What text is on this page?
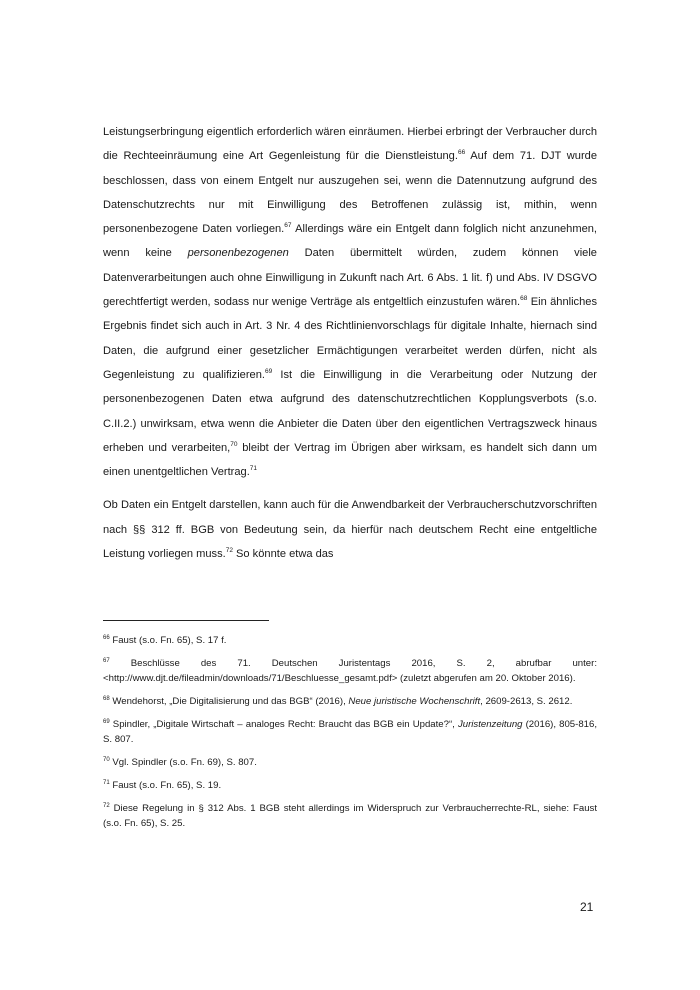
Leistungserbringung eigentlich erforderlich wären einräumen. Hierbei erbringt der Verbraucher durch die Rechteeinräumung eine Art Gegenleistung für die Dienstleistung.$^{66}$ Auf dem 71. DJT wurde beschlossen, dass von einem Entgelt nur auszugehen sei, wenn die Datennutzung aufgrund des Datenschutzrechts nur mit Einwilligung des Betroffenen zulässig ist, mithin, wenn personenbezogene Daten vorliegen.$^{67}$ Allerdings wäre ein Entgelt dann folglich nicht anzunehmen, wenn keine personenbezogenen Daten übermittelt würden, zudem können viele Datenverarbeitungen auch ohne Einwilligung in Zukunft nach Art. 6 Abs. 1 lit. f) und Abs. IV DSGVO gerechtfertigt werden, sodass nur wenige Verträge als entgeltlich einzustufen wären.$^{68}$ Ein ähnliches Ergebnis findet sich auch in Art. 3 Nr. 4 des Richtlinienvorschlags für digitale Inhalte, hiernach sind Daten, die aufgrund einer gesetzlicher Ermächtigungen verarbeitet werden dürfen, nicht als Gegenleistung zu qualifizieren.$^{69}$ Ist die Einwilligung in die Verarbeitung oder Nutzung der personenbezogenen Daten etwa aufgrund des datenschutzrechtlichen Kopplungsverbots (s.o. C.II.2.) unwirksam, etwa wenn die Anbieter die Daten über den eigentlichen Vertragszweck hinaus erheben und verarbeiten,$^{70}$ bleibt der Vertrag im Übrigen aber wirksam, es handelt sich dann um einen unentgeltlichen Vertrag.$^{71}$

Ob Daten ein Entgelt darstellen, kann auch für die Anwendbarkeit der Verbraucherschutzvorschriften nach §§ 312 ff. BGB von Bedeutung sein, da hierfür nach deutschem Recht eine entgeltliche Leistung vorliegen muss.$^{72}$ So könnte etwa das

$^{66}$ Faust (s.o. Fn. 65), S. 17 f.
$^{67}$ Beschlüsse des 71. Deutschen Juristentags 2016, S. 2, abrufbar unter: <http://www.djt.de/fileadmin/downloads/71/Beschluesse_gesamt.pdf> (zuletzt abgerufen am 20. Oktober 2016).
$^{68}$ Wendehorst, „Die Digitalisierung und das BGB“ (2016), Neue juristische Wochenschrift, 2609-2613, S. 2612.
$^{69}$ Spindler, „Digitale Wirtschaft – analoges Recht: Braucht das BGB ein Update?“, Juristenzeitung (2016), 805-816, S. 807.
$^{70}$ Vgl. Spindler (s.o. Fn. 69), S. 807.
$^{71}$ Faust (s.o. Fn. 65), S. 19.
$^{72}$ Diese Regelung in § 312 Abs. 1 BGB steht allerdings im Widerspruch zur Verbraucherrechte-RL, siehe: Faust (s.o. Fn. 65), S. 25.
21
